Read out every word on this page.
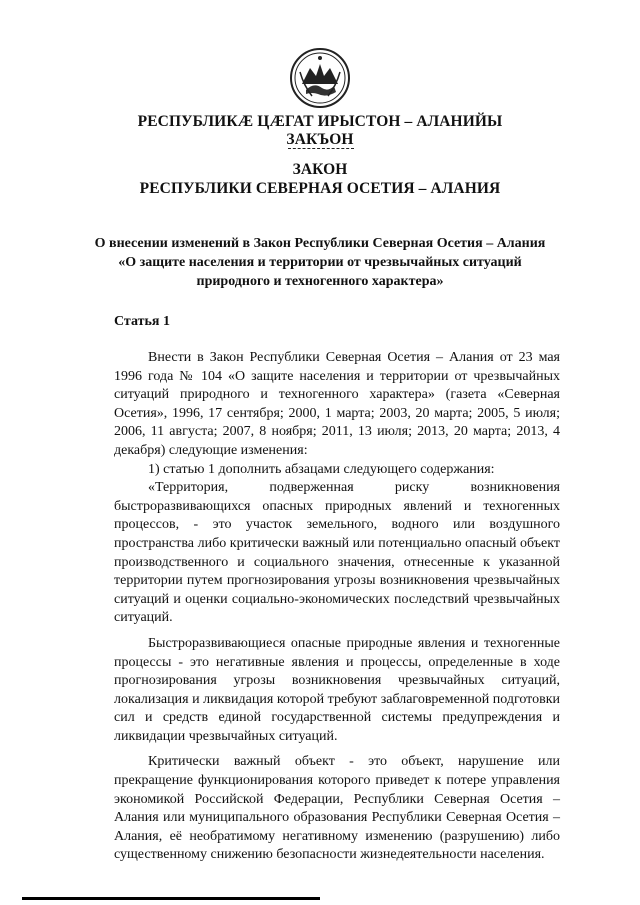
РЕСПУБЛИКÆ ЦÆГАТ ИРЫСТОН – АЛАНИЙЫ
ЗАКЪОН
ЗАКОН
РЕСПУБЛИКИ СЕВЕРНАЯ ОСЕТИЯ – АЛАНИЯ
О внесении изменений в Закон Республики Северная Осетия – Алания
«О защите населения и территории от чрезвычайных ситуаций
природного и техногенного характера»
Статья 1

Внести в Закон Республики Северная Осетия – Алания от 23 мая 1996 года № 104 «О защите населения и территории от чрезвычайных ситуаций природного и техногенного характера» (газета «Северная Осетия», 1996, 17 сентября; 2000, 1 марта; 2003, 20 марта; 2005, 5 июля; 2006, 11 августа; 2007, 8 ноября; 2011, 13 июля; 2013, 20 марта; 2013, 4 декабря) следующие изменения:

1) статью 1 дополнить абзацами следующего содержания:

«Территория, подверженная риску возникновения быстроразвивающихся опасных природных явлений и техногенных процессов, - это участок земельного, водного или воздушного пространства либо критически важный или потенциально опасный объект производственного и социального значения, отнесенные к указанной территории путем прогнозирования угрозы возникновения чрезвычайных ситуаций и оценки социально-экономических последствий чрезвычайных ситуаций.

Быстроразвивающиеся опасные природные явления и техногенные процессы - это негативные явления и процессы, определенные в ходе прогнозирования угрозы возникновения чрезвычайных ситуаций, локализация и ликвидация которой требуют заблаговременной подготовки сил и средств единой государственной системы предупреждения и ликвидации чрезвычайных ситуаций.

Критически важный объект - это объект, нарушение или прекращение функционирования которого приведет к потере управления экономикой Российской Федерации, Республики Северная Осетия – Алания или муниципального образования Республики Северная Осетия – Алания, её необратимому негативному изменению (разрушению) либо существенному снижению безопасности жизнедеятельности населения.
